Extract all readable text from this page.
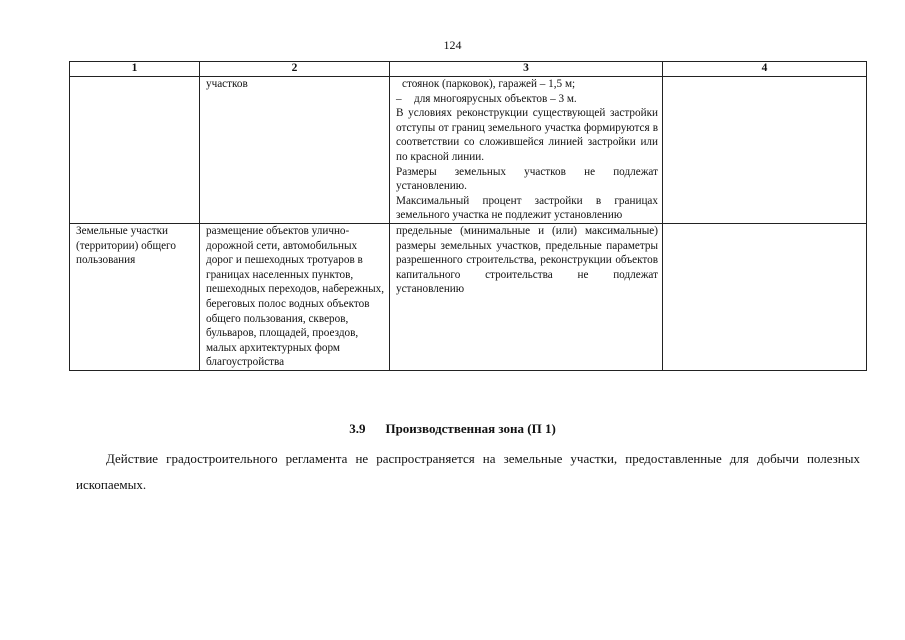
124
1	2	3	4

	участков	стоянок (парковок), гаражей – 1,5 м;
– для многоярусных объектов – 3 м.
В условиях реконструкции существующей застройки отступы от границ земельного участка формируются в соответствии со сложившейся линией застройки или по красной линии.
Размеры земельных участков не подлежат установлению.
Максимальный процент застройки в границах земельного участка не подлежит установлению	

Земельные участки (территории) общего пользования	размещение объектов улично-дорожной сети, автомобильных дорог и пешеходных тротуаров в границах населенных пунктов, пешеходных переходов, набережных, береговых полос водных объектов общего пользования, скверов, бульваров, площадей, проездов, малых архитектурных форм благоустройства	предельные (минимальные и (или) максимальные) размеры земельных участков, предельные параметры разрешенного строительства, реконструкции объектов капитального строительства не подлежат установлению	

3.9 Производственная зона (П 1)
Действие градостроительного регламента не распространяется на земельные участки, предоставленные для добычи полезных ископаемых.
